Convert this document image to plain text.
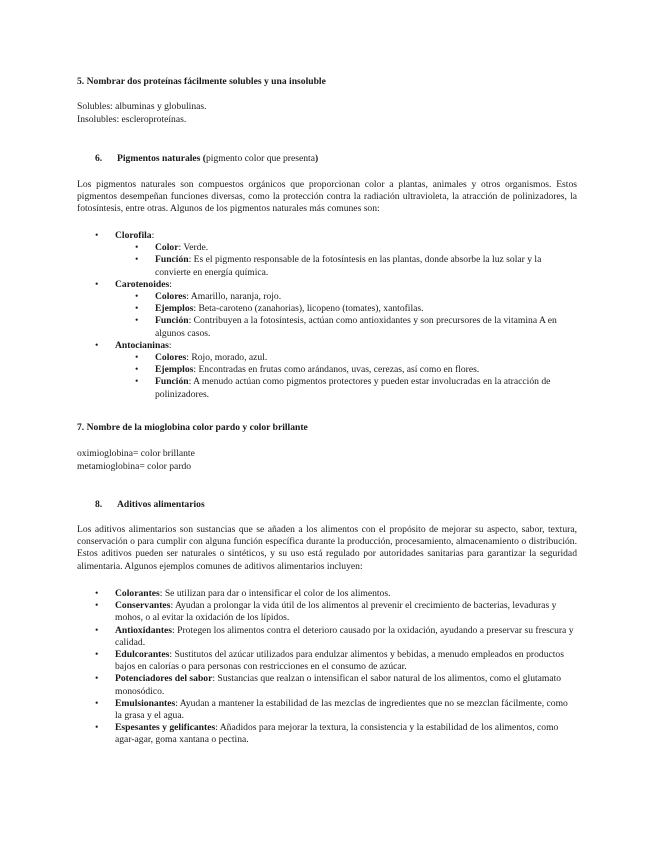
5. Nombrar dos proteínas fácilmente solubles y una insoluble
Solubles: albuminas y globulinas.
Insolubles: escleroproteínas.
6. Pigmentos naturales (pigmento color que presenta)
Los pigmentos naturales son compuestos orgánicos que proporcionan color a plantas, animales y otros organismos. Estos pigmentos desempeñan funciones diversas, como la protección contra la radiación ultravioleta, la atracción de polinizadores, la fotosíntesis, entre otras. Algunos de los pigmentos naturales más comunes son:
• Clorofila:
• Color: Verde.
• Función: Es el pigmento responsable de la fotosíntesis en las plantas, donde absorbe la luz solar y la convierte en energía química.
• Carotenoides:
• Colores: Amarillo, naranja, rojo.
• Ejemplos: Beta-caroteno (zanahorias), licopeno (tomates), xantofilas.
• Función: Contribuyen a la fotosíntesis, actúan como antioxidantes y son precursores de la vitamina A en algunos casos.
• Antocianinas:
• Colores: Rojo, morado, azul.
• Ejemplos: Encontradas en frutas como arándanos, uvas, cerezas, así como en flores.
• Función: A menudo actúan como pigmentos protectores y pueden estar involucradas en la atracción de polinizadores.
7. Nombre de la mioglobina color pardo y color brillante
oximioglobina= color brillante
metamioglobina= color pardo
8. Aditivos alimentarios
Los aditivos alimentarios son sustancias que se añaden a los alimentos con el propósito de mejorar su aspecto, sabor, textura, conservación o para cumplir con alguna función específica durante la producción, procesamiento, almacenamiento o distribución. Estos aditivos pueden ser naturales o sintéticos, y su uso está regulado por autoridades sanitarias para garantizar la seguridad alimentaria. Algunos ejemplos comunes de aditivos alimentarios incluyen:
• Colorantes: Se utilizan para dar o intensificar el color de los alimentos.
• Conservantes: Ayudan a prolongar la vida útil de los alimentos al prevenir el crecimiento de bacterias, levaduras y mohos, o al evitar la oxidación de los lípidos.
• Antioxidantes: Protegen los alimentos contra el deterioro causado por la oxidación, ayudando a preservar su frescura y calidad.
• Edulcorantes: Sustitutos del azúcar utilizados para endulzar alimentos y bebidas, a menudo empleados en productos bajos en calorías o para personas con restricciones en el consumo de azúcar.
• Potenciadores del sabor: Sustancias que realzan o intensifican el sabor natural de los alimentos, como el glutamato monosódico.
• Emulsionantes: Ayudan a mantener la estabilidad de las mezclas de ingredientes que no se mezclan fácilmente, como la grasa y el agua.
• Espesantes y gelificantes: Añadidos para mejorar la textura, la consistencia y la estabilidad de los alimentos, como agar-agar, goma xantana o pectina.
